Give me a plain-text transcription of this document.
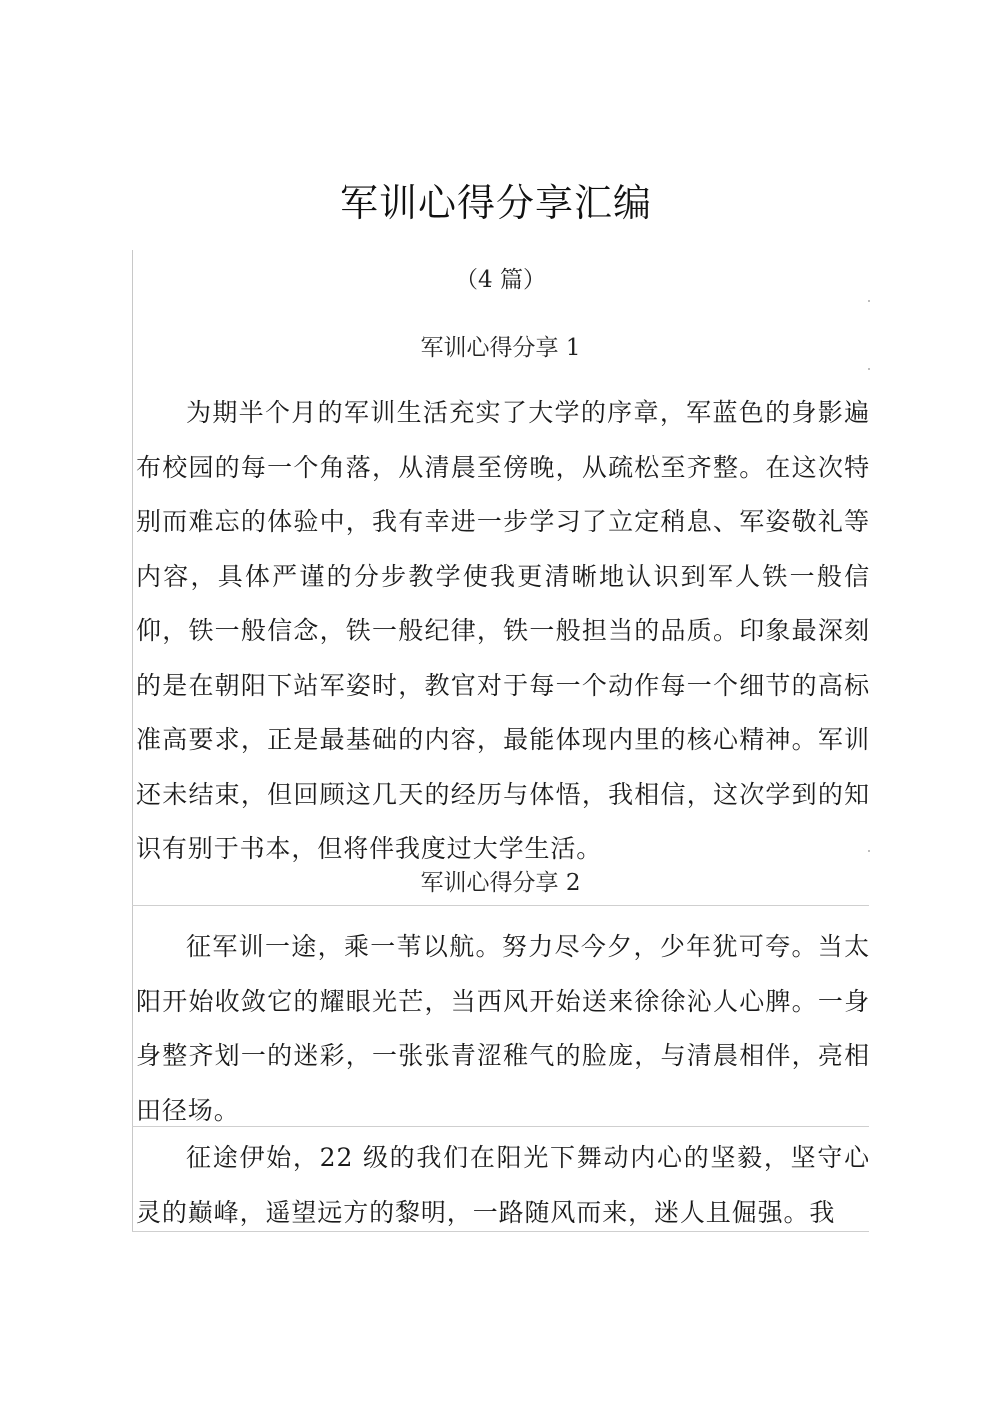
军训心得分享汇编
（4 篇）
军训心得分享 1

为期半个月的军训生活充实了大学的序章，军蓝色的身影遍布校园的每一个角落，从清晨至傍晚，从疏松至齐整。在这次特别而难忘的体验中，我有幸进一步学习了立定稍息、军姿敬礼等内容，具体严谨的分步教学使我更清晰地认识到军人铁一般信仰，铁一般信念，铁一般纪律，铁一般担当的品质。印象最深刻的是在朝阳下站军姿时，教官对于每一个动作每一个细节的高标准高要求，正是最基础的内容，最能体现内里的核心精神。军训还未结束，但回顾这几天的经历与体悟，我相信，这次学到的知识有别于书本，但将伴我度过大学生活。

军训心得分享 2

征军训一途，乘一苇以航。努力尽今夕，少年犹可夸。当太阳开始收敛它的耀眼光芒，当西风开始送来徐徐沁人心脾。一身身整齐划一的迷彩，一张张青涩稚气的脸庞，与清晨相伴，亮相田径场。

征途伊始，22 级的我们在阳光下舞动内心的坚毅，坚守心灵的巅峰，遥望远方的黎明，一路随风而来，迷人且倔强。我
